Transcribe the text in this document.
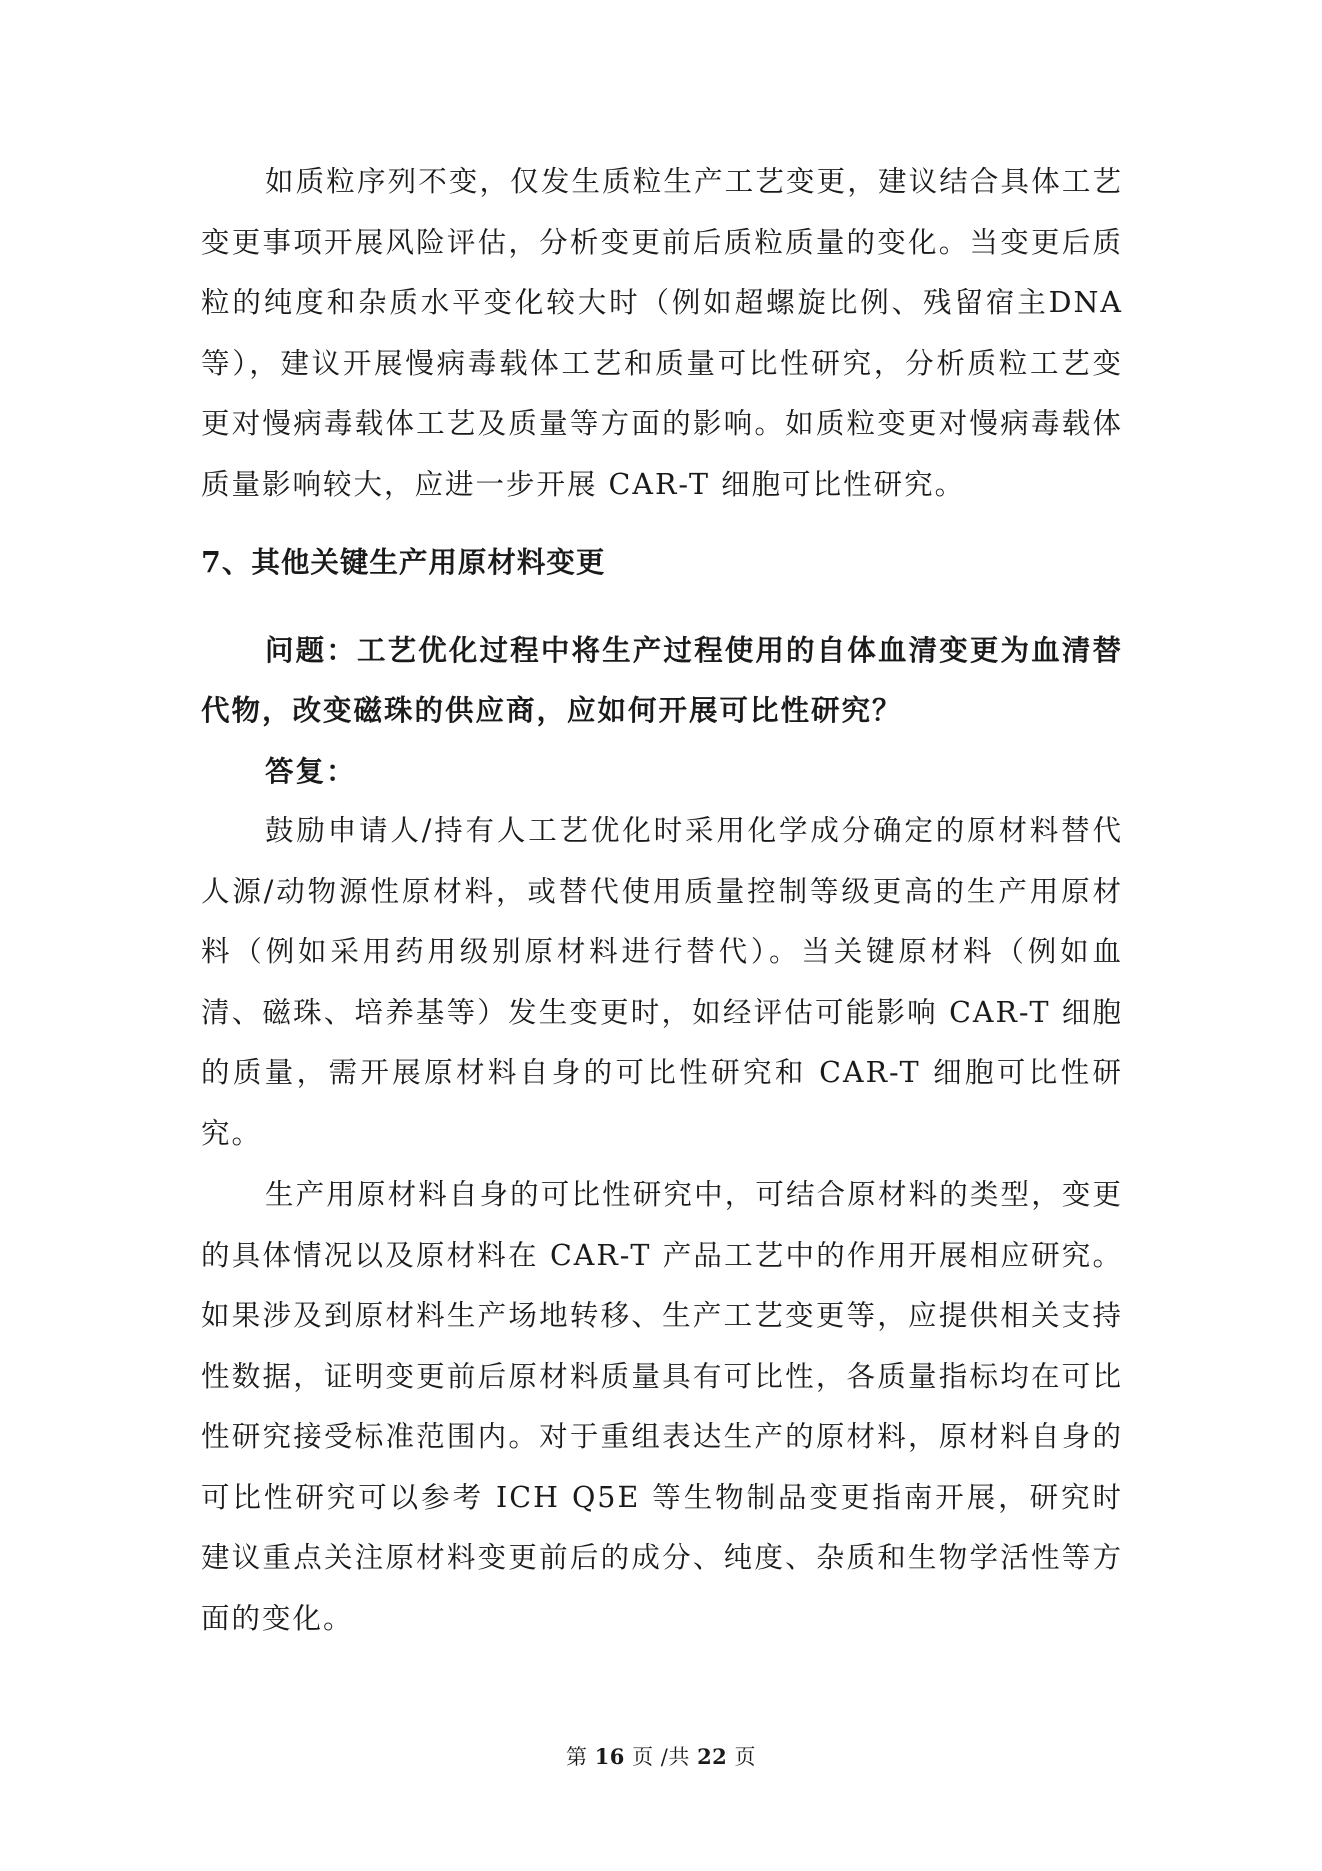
如质粒序列不变，仅发生质粒生产工艺变更，建议结合具体工艺变更事项开展风险评估，分析变更前后质粒质量的变化。当变更后质粒的纯度和杂质水平变化较大时（例如超螺旋比例、残留宿主DNA 等），建议开展慢病毒载体工艺和质量可比性研究，分析质粒工艺变更对慢病毒载体工艺及质量等方面的影响。如质粒变更对慢病毒载体质量影响较大，应进一步开展 CAR-T 细胞可比性研究。

7、其他关键生产用原材料变更

问题：工艺优化过程中将生产过程使用的自体血清变更为血清替代物，改变磁珠的供应商，应如何开展可比性研究？

答复：

鼓励申请人/持有人工艺优化时采用化学成分确定的原材料替代人源/动物源性原材料，或替代使用质量控制等级更高的生产用原材料（例如采用药用级别原材料进行替代）。当关键原材料（例如血清、磁珠、培养基等）发生变更时，如经评估可能影响 CAR-T 细胞的质量，需开展原材料自身的可比性研究和 CAR-T 细胞可比性研究。

生产用原材料自身的可比性研究中，可结合原材料的类型，变更的具体情况以及原材料在 CAR-T 产品工艺中的作用开展相应研究。如果涉及到原材料生产场地转移、生产工艺变更等，应提供相关支持性数据，证明变更前后原材料质量具有可比性，各质量指标均在可比性研究接受标准范围内。对于重组表达生产的原材料，原材料自身的可比性研究可以参考 ICH Q5E 等生物制品变更指南开展，研究时建议重点关注原材料变更前后的成分、纯度、杂质和生物学活性等方面的变化。

第 16 页 /共 22 页
